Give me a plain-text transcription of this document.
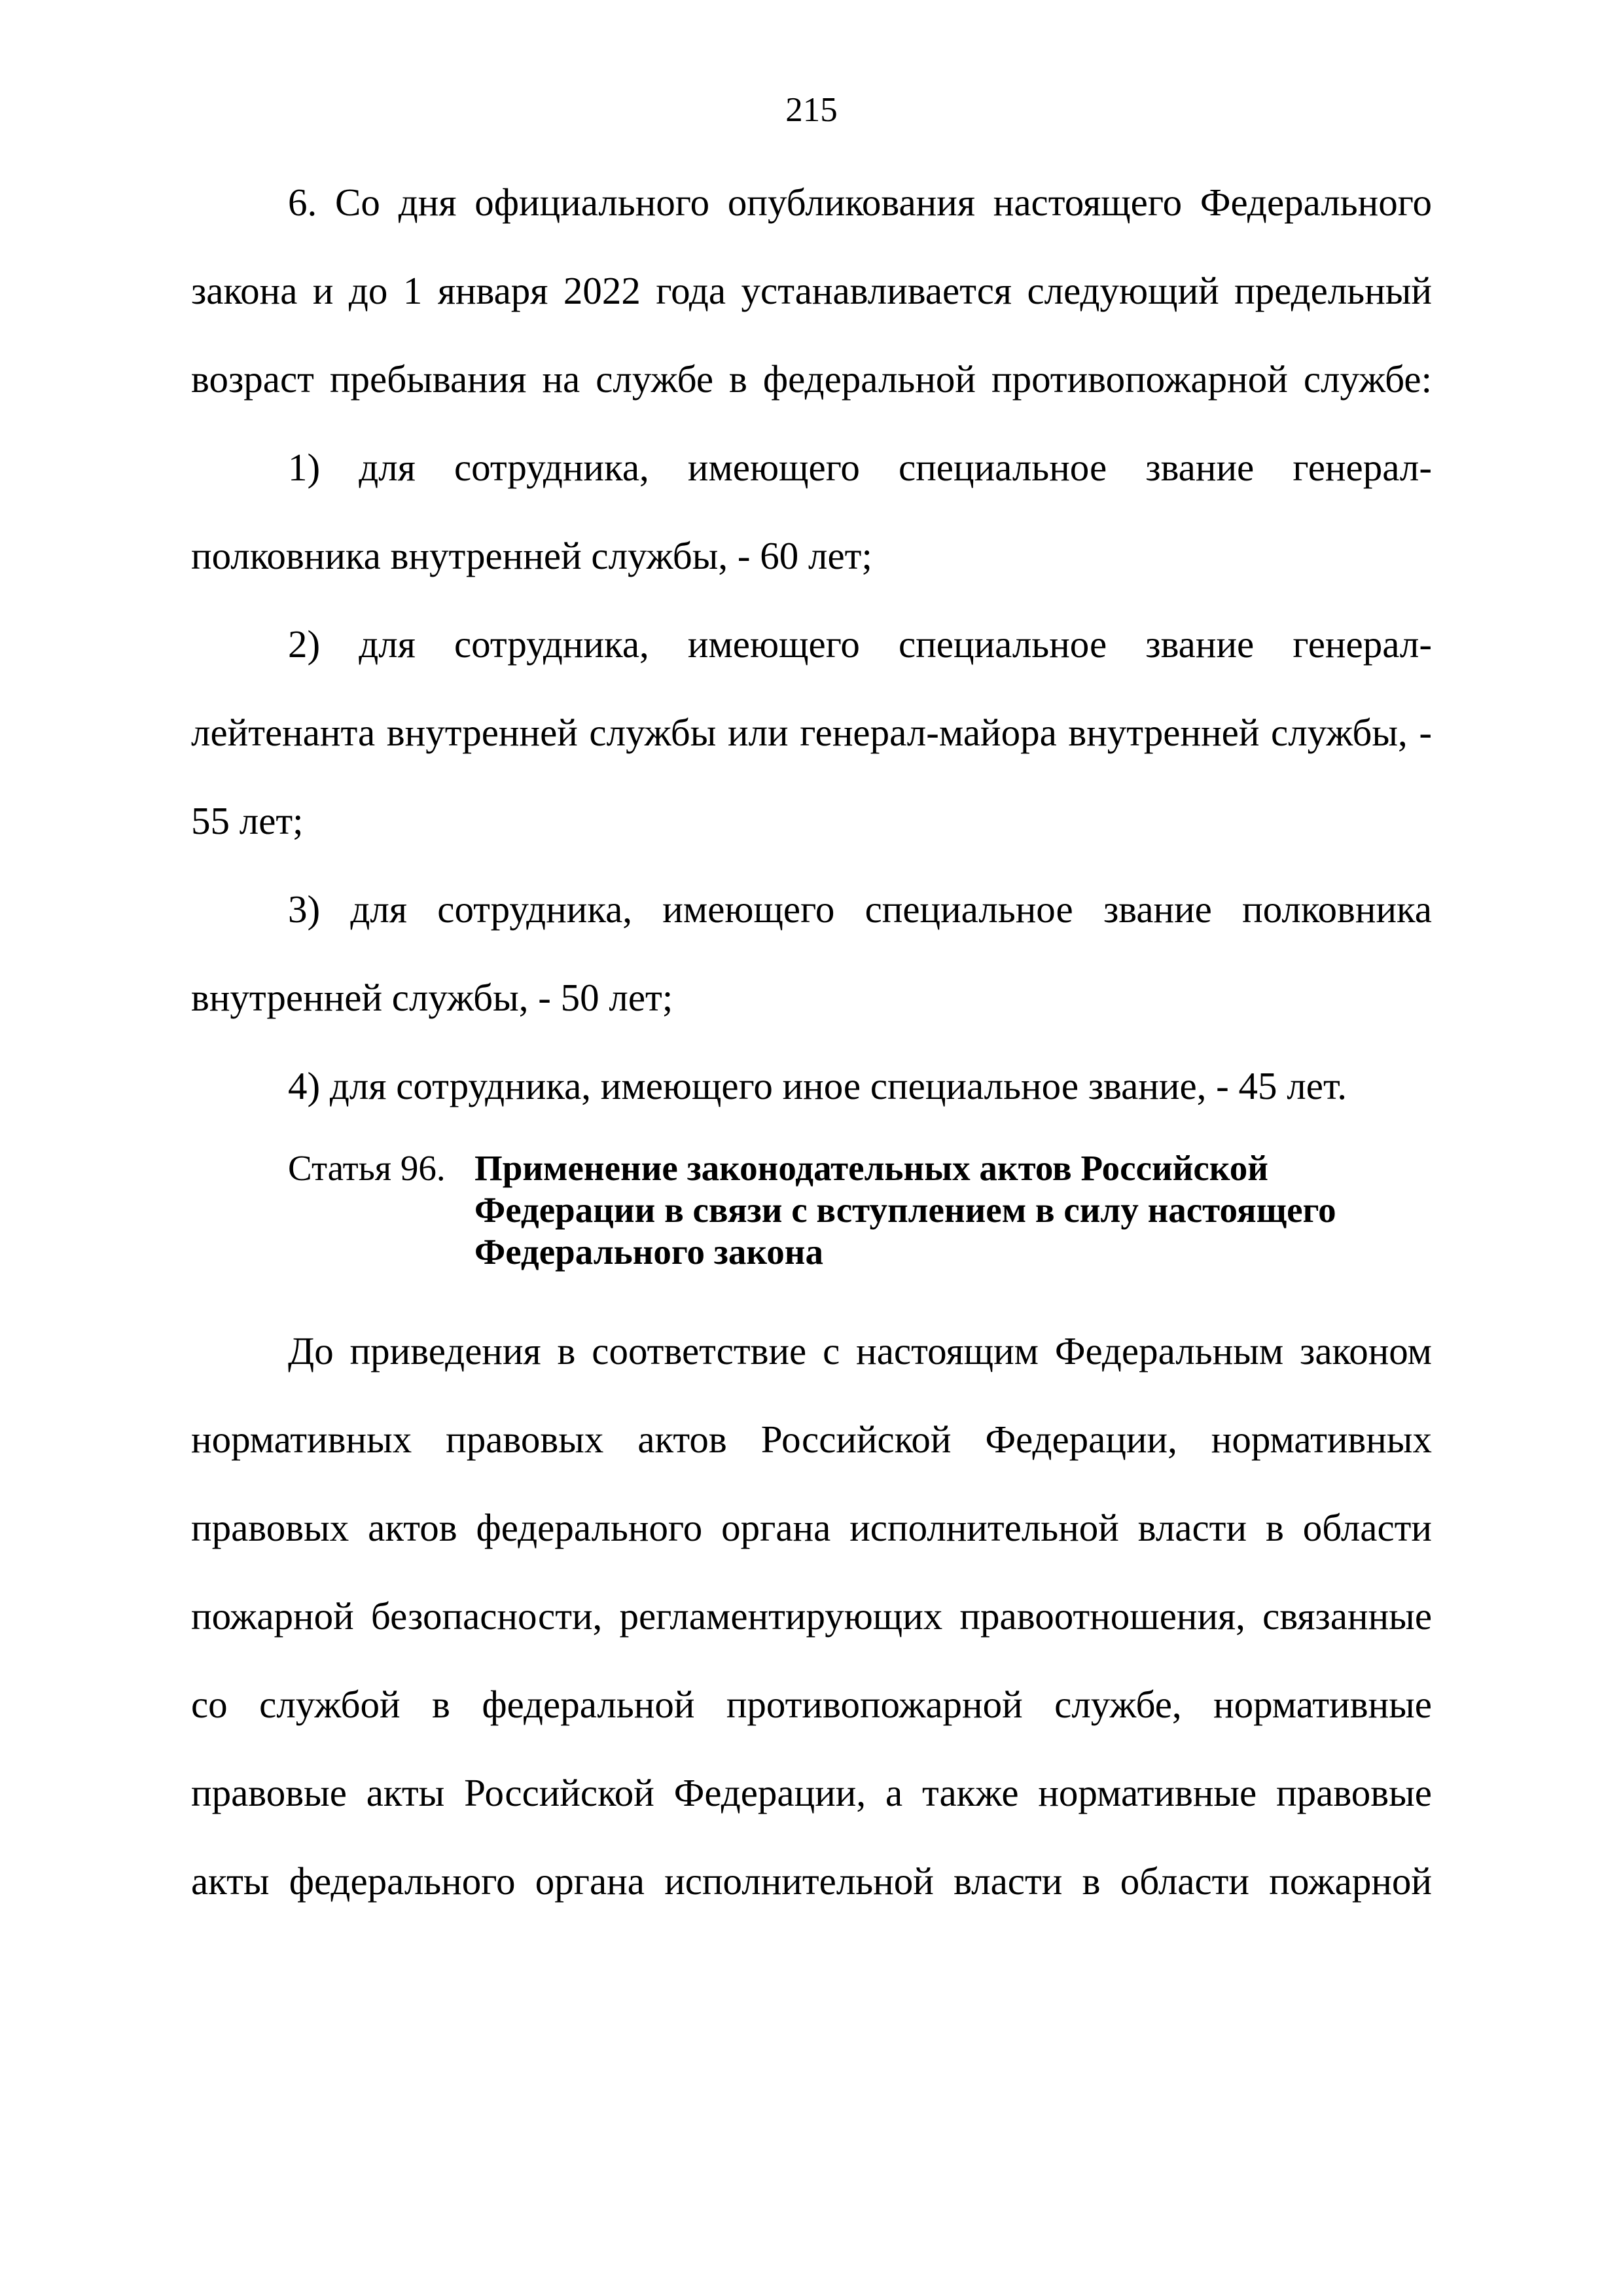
215

6. Со дня официального опубликования настоящего Федерального

закона и до 1 января 2022 года устанавливается следующий предельный

возраст пребывания на службе в федеральной противопожарной службе:

1) для сотрудника, имеющего специальное звание генерал-

полковника внутренней службы, - 60 лет;

2) для сотрудника, имеющего специальное звание генерал-

лейтенанта внутренней службы или генерал-майора внутренней службы, -

55 лет;

3) для сотрудника, имеющего специальное звание полковника

внутренней службы, - 50 лет;

4) для сотрудника, имеющего иное специальное звание, - 45 лет.

Статья 96. Применение законодательных актов Российской
Федерации в связи с вступлением в силу настоящего
Федерального закона

До приведения в соответствие с настоящим Федеральным законом

нормативных правовых актов Российской Федерации, нормативных

правовых актов федерального органа исполнительной власти в области

пожарной безопасности, регламентирующих правоотношения, связанные

со службой в федеральной противопожарной службе, нормативные

правовые акты Российской Федерации, а также нормативные правовые

акты федерального органа исполнительной власти в области пожарной
